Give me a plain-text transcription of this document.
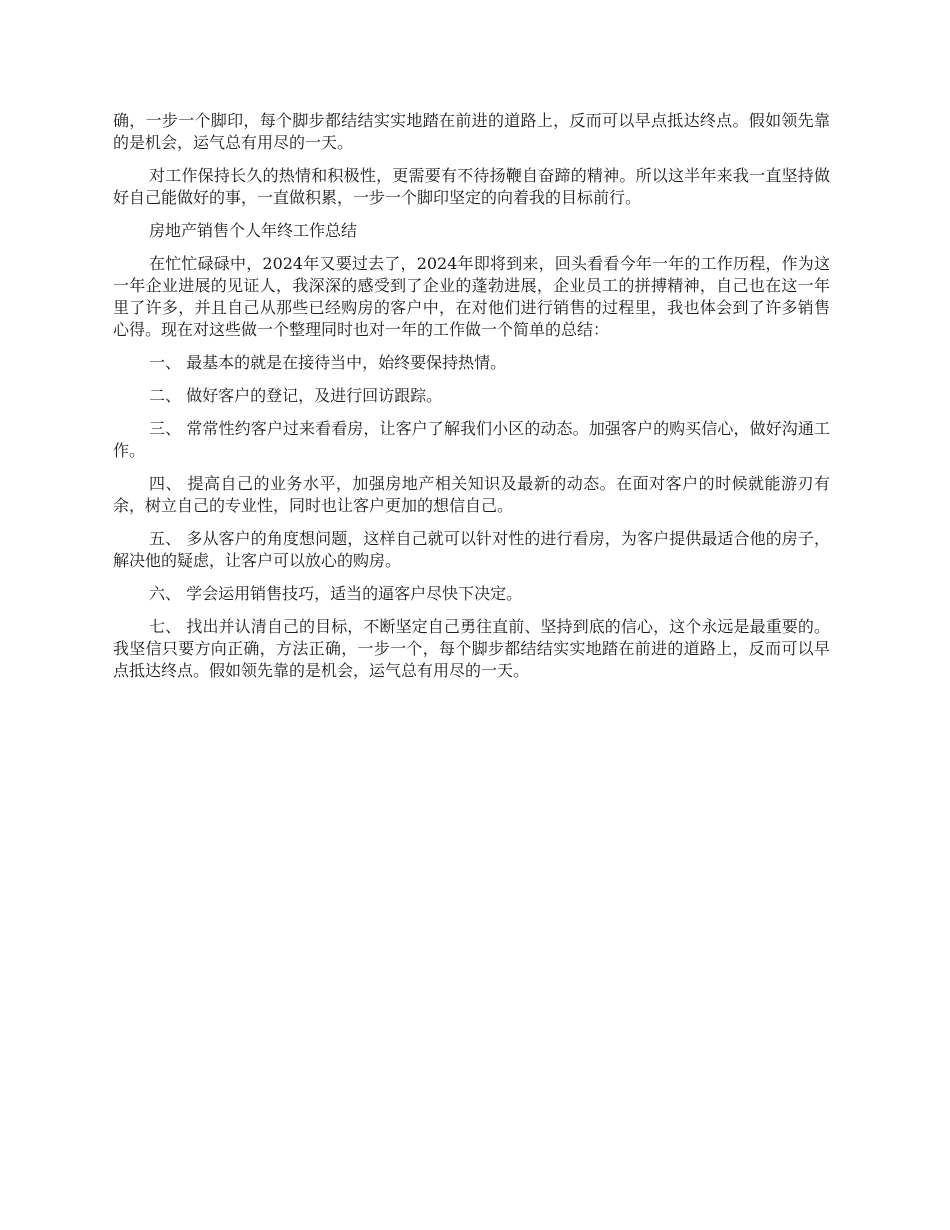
确，一步一个脚印，每个脚步都结结实实地踏在前进的道路上，反而可以早点抵达终点。假如领先靠的是机会，运气总有用尽的一天。

对工作保持长久的热情和积极性，更需要有不待扬鞭自奋蹄的精神。所以这半年来我一直坚持做好自己能做好的事，一直做积累，一步一个脚印坚定的向着我的目标前行。

房地产销售个人年终工作总结

在忙忙碌碌中，2024年又要过去了，2024年即将到来，回头看看今年一年的工作历程，作为这一年企业进展的见证人，我深深的感受到了企业的蓬勃进展，企业员工的拼搏精神，自己也在这一年里了许多，并且自己从那些已经购房的客户中，在对他们进行销售的过程里，我也体会到了许多销售心得。现在对这些做一个整理同时也对一年的工作做一个简单的总结：

一、 最基本的就是在接待当中，始终要保持热情。

二、 做好客户的登记，及进行回访跟踪。

三、 常常性约客户过来看看房，让客户了解我们小区的动态。加强客户的购买信心，做好沟通工作。

四、 提高自己的业务水平，加强房地产相关知识及最新的动态。在面对客户的时候就能游刃有余，树立自己的专业性，同时也让客户更加的想信自己。

五、 多从客户的角度想问题，这样自己就可以针对性的进行看房，为客户提供最适合他的房子，解决他的疑虑，让客户可以放心的购房。

六、 学会运用销售技巧，适当的逼客户尽快下决定。

七、 找出并认清自己的目标，不断坚定自己勇往直前、坚持到底的信心，这个永远是最重要的。我坚信只要方向正确，方法正确，一步一个，每个脚步都结结实实地踏在前进的道路上，反而可以早点抵达终点。假如领先靠的是机会，运气总有用尽的一天。
